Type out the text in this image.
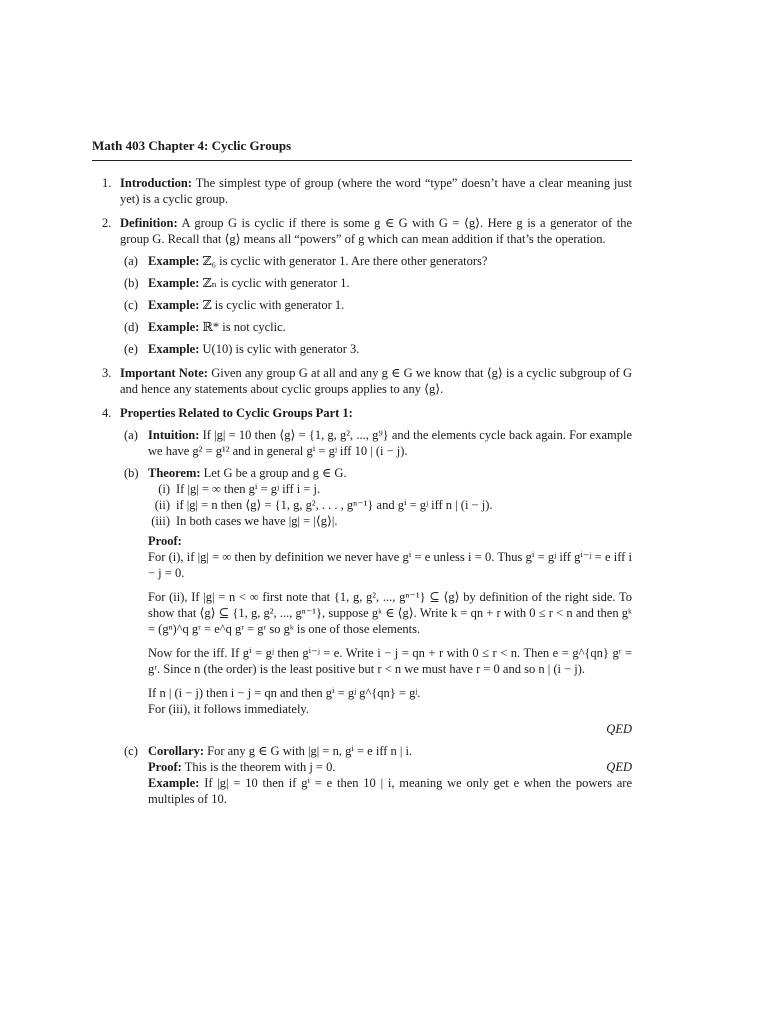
Math 403 Chapter 4: Cyclic Groups
1. Introduction: The simplest type of group (where the word “type” doesn’t have a clear meaning just yet) is a cyclic group.
2. Definition: A group G is cyclic if there is some g ∈ G with G = ⟨g⟩. Here g is a generator of the group G. Recall that ⟨g⟩ means all “powers” of g which can mean addition if that’s the operation.
(a) Example: ℤ₆ is cyclic with generator 1. Are there other generators?
(b) Example: ℤₙ is cyclic with generator 1.
(c) Example: ℤ is cyclic with generator 1.
(d) Example: ℝ* is not cyclic.
(e) Example: U(10) is cylic with generator 3.
3. Important Note: Given any group G at all and any g ∈ G we know that ⟨g⟩ is a cyclic subgroup of G and hence any statements about cyclic groups applies to any ⟨g⟩.
4. Properties Related to Cyclic Groups Part 1:
(a) Intuition: If |g| = 10 then ⟨g⟩ = {1, g, g², ..., g⁹} and the elements cycle back again. For example we have g² = g¹² and in general gⁱ = gʲ iff 10 | (i − j).
(b) Theorem: Let G be a group and g ∈ G.
(i) If |g| = ∞ then gⁱ = gʲ iff i = j.
(ii) if |g| = n then ⟨g⟩ = {1, g, g², . . . , gⁿ⁻¹} and gⁱ = gʲ iff n | (i − j).
(iii) In both cases we have |g| = |⟨g⟩|.
Proof:
For (i), if |g| = ∞ then by definition we never have gⁱ = e unless i = 0. Thus gⁱ = gʲ iff gⁱ⁻ʲ = e iff i − j = 0.
For (ii), If |g| = n < ∞ first note that {1, g, g², ..., gⁿ⁻¹} ⊆ ⟨g⟩ by definition of the right side. To show that ⟨g⟩ ⊆ {1, g, g², ..., gⁿ⁻¹}, suppose gᵏ ∈ ⟨g⟩. Write k = qn + r with 0 ≤ r < n and then gᵏ = (gⁿ)^q gʳ = e^q gʳ = gʳ so gᵏ is one of those elements.
Now for the iff. If gⁱ = gʲ then gⁱ⁻ʲ = e. Write i − j = qn + r with 0 ≤ r < n. Then e = g^{qn} gʳ = gʳ. Since n (the order) is the least positive but r < n we must have r = 0 and so n | (i − j).
If n | (i − j) then i − j = qn and then gⁱ = gʲ g^{qn} = gʲ.
For (iii), it follows immediately.
QED
(c) Corollary: For any g ∈ G with |g| = n, gⁱ = e iff n | i.
Proof: This is the theorem with j = 0.	QED
Example: If |g| = 10 then if gⁱ = e then 10 | i, meaning we only get e when the powers are multiples of 10.
